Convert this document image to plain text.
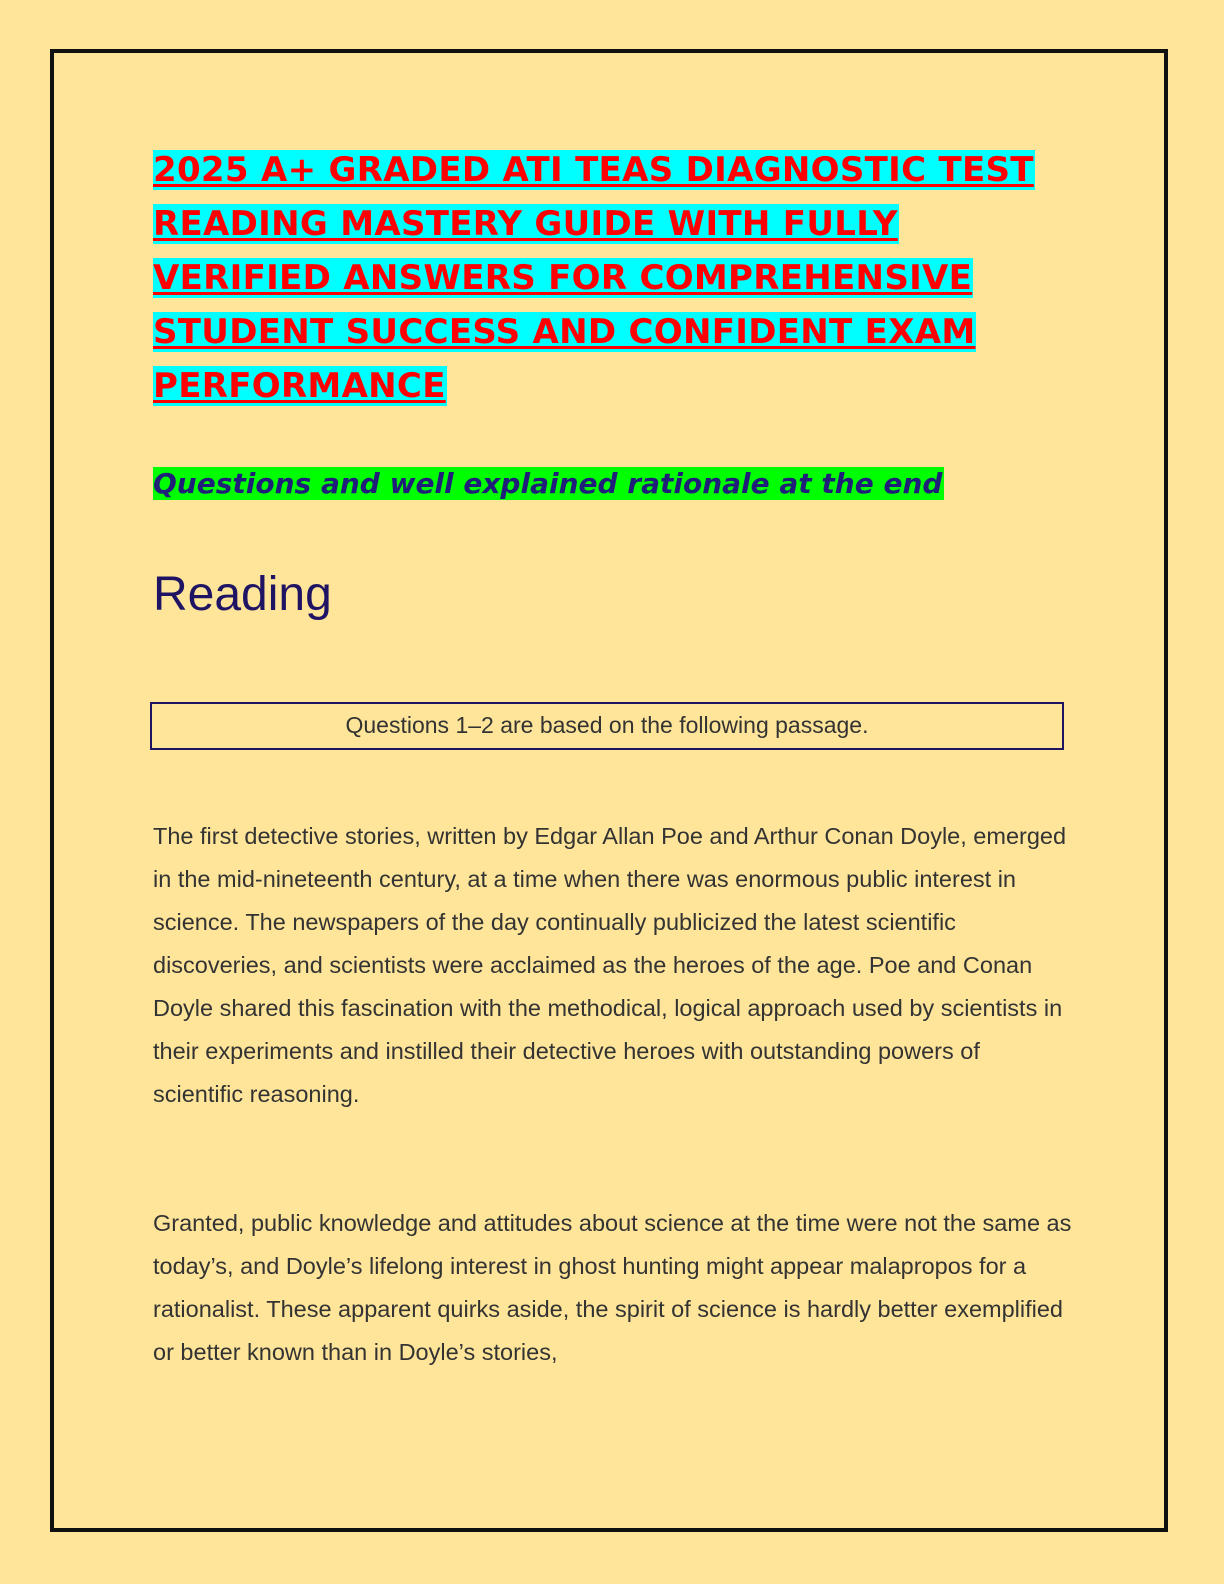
2025 A+ GRADED ATI TEAS DIAGNOSTIC TEST READING MASTERY GUIDE WITH FULLY VERIFIED ANSWERS FOR COMPREHENSIVE STUDENT SUCCESS AND CONFIDENT EXAM PERFORMANCE
Questions and well explained rationale at the end
Reading
Questions 1–2 are based on the following passage.

The first detective stories, written by Edgar Allan Poe and Arthur Conan Doyle, emerged in the mid-nineteenth century, at a time when there was enormous public interest in science. The newspapers of the day continually publicized the latest scientific discoveries, and scientists were acclaimed as the heroes of the age. Poe and Conan Doyle shared this fascination with the methodical, logical approach used by scientists in their experiments and instilled their detective heroes with outstanding powers of scientific reasoning.

Granted, public knowledge and attitudes about science at the time were not the same as today’s, and Doyle’s lifelong interest in ghost hunting might appear malapropos for a rationalist. These apparent quirks aside, the spirit of science is hardly better exemplified or better known than in Doyle’s stories,
